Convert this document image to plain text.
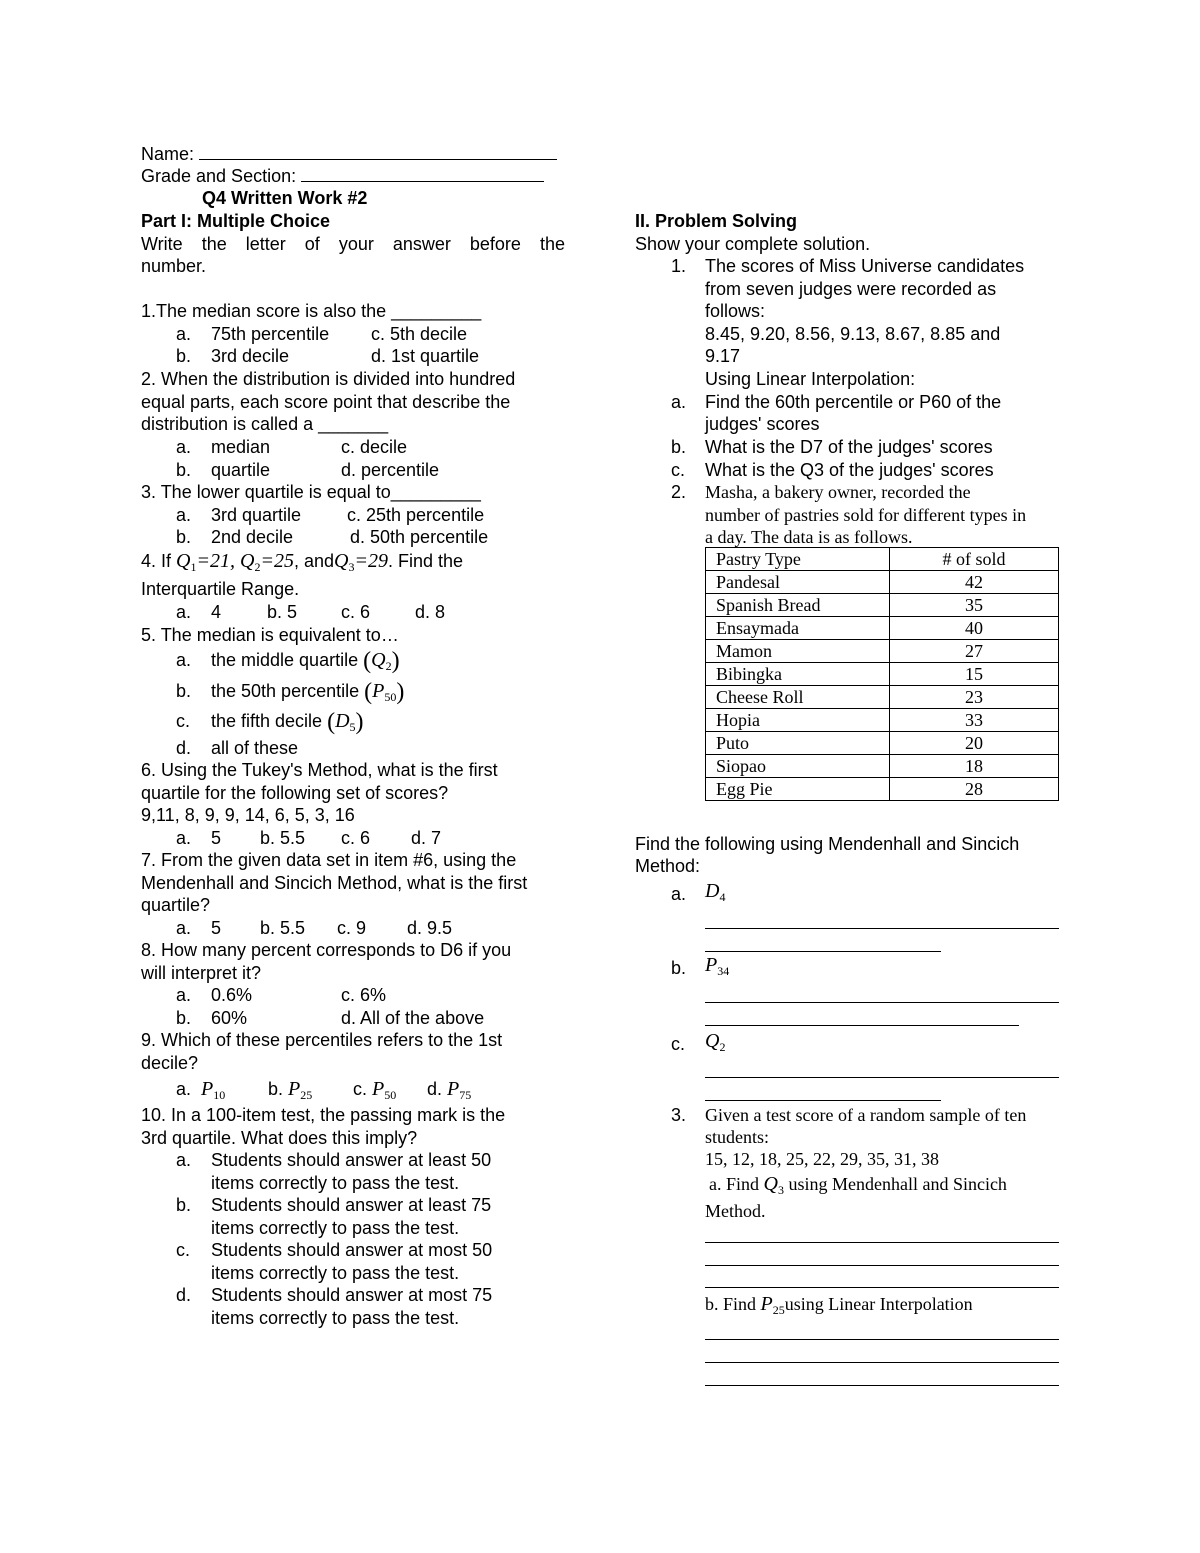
Name:
Grade and Section:
Q4 Written Work #2
Part I: Multiple Choice
Write the letter of your answer before the
number.
1.The median score is also the _________
a. 75th percentile c. 5th decile
b. 3rd decile	d. 1st quartile
2. When the distribution is divided into hundred
equal parts, each score point that describe the
distribution is called a _______
a. median	c. decile
b. quartile	d. percentile
3. The lower quartile is equal to_________
a. 3rd quartile	c. 25th percentile
b. 2nd decile	d. 50th percentile
4. If $Q_1=21$, $Q_2=25$, andQ$_3$=29. Find the
Interquartile Range.
a. 4	b. 5 c. 6 d. 8
5. The median is equivalent to…
a. the middle quartile $(Q_2)$
b. the 50th percentile $(P_{50})$
c. the fifth decile $(D_5)$
d. all of these
6. Using the Tukey's Method, what is the first
quartile for the following set of scores?
9,11, 8, 9, 9, 14, 6, 5, 3, 16
a. 5 b. 5.5 c. 6 d. 7
7. From the given data set in item #6, using the
Mendenhall and Sincich Method, what is the first
quartile?
a. 5 b. 5.5 c. 9 d. 9.5
8. How many percent corresponds to D6 if you
will interpret it?
a. 0.6%	c. 6%
b. 60%	d. All of the above
9. Which of these percentiles refers to the 1st
decile?
a. $P_{10}$ b. $P_{25}$ c. $P_{50}$ d. $P_{75}$
10. In a 100-item test, the passing mark is the
3rd quartile. What does this imply?
a. Students should answer at least 50
items correctly to pass the test.
b. Students should answer at least 75
items correctly to pass the test.
c. Students should answer at most 50
items correctly to pass the test.
d. Students should answer at most 75
items correctly to pass the test.
II. Problem Solving
Show your complete solution.
1. The scores of Miss Universe candidates
from seven judges were recorded as
follows:
8.45, 9.20, 8.56, 9.13, 8.67, 8.85 and
9.17
Using Linear Interpolation:
a. Find the 60th percentile or P60 of the
judges' scores
b. What is the D7 of the judges' scores
c. What is the Q3 of the judges' scores
2. Masha, a bakery owner, recorded the
number of pastries sold for different types in
a day. The data is as follows.
Pastry Type	# of sold
Pandesal	42
Spanish Bread	35
Ensaymada	40
Mamon	27
Bibingka	15
Cheese Roll	23
Hopia	33
Puto	20
Siopao	18
Egg Pie	28
Find the following using Mendenhall and Sincich
Method:
a. $D_4$
b. $P_{34}$
c. $Q_2$
3. Given a test score of a random sample of ten
students:
15, 12, 18, 25, 22, 29, 35, 31, 38
a. Find $Q_3$ using Mendenhall and Sincich
Method.
b. Find $P_{25}using$ Linear Interpolation
